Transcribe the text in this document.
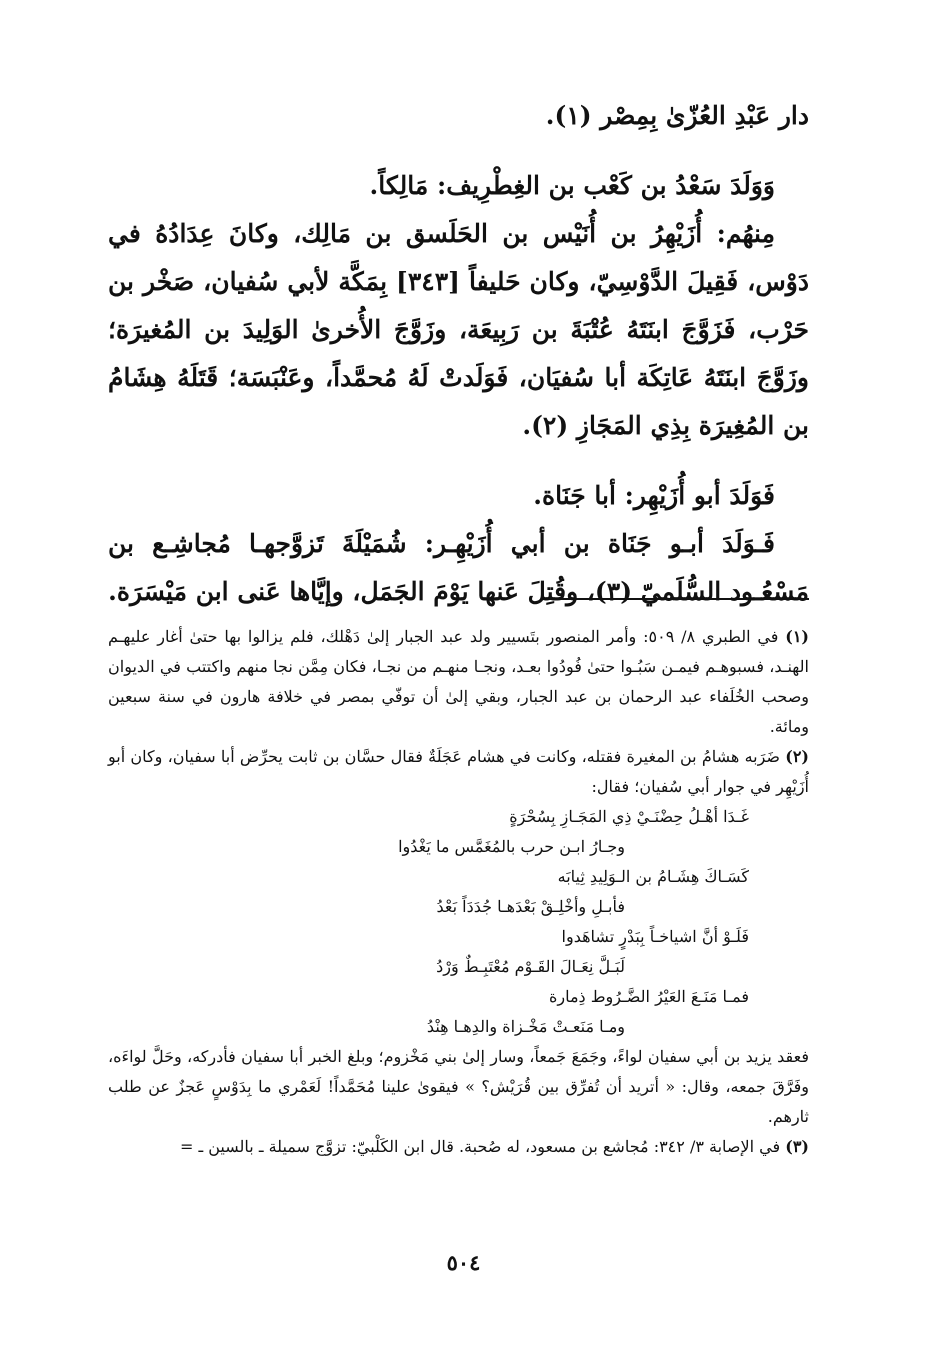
دار عَبْدِ العُزّىٰ بِمِصْر (١).

وَوَلَدَ سَعْدُ بن كَعْب بن الغِطْرِيف: مَالِكاً.

مِنهُم: أُزَيْهِرُ بن أُنَيْس بن الحَلَسق بن مَالِك، وكانَ عِدَادُهُ في دَوْس، فَقِيلَ الدَّوْسِيّ، وكان حَليفاً [٣٤٣] بِمَكَّة لأبي سُفيان، صَخْر بن حَرْب، فَزَوَّجَ ابنَتَهُ عُتْبَةَ بن رَبِيعَة، وزَوَّجَ الأُخرىٰ الوَلِيدَ بن المُغيرَة؛ وزَوَّجَ ابنَتَهُ عَاتِكَة أبا سُفيَان، فَوَلَدتْ لَهُ مُحمَّداً، وعَنْبَسَة؛ قَتَلَهُ هِشَامُ بن المُغِيرَة بِذِي المَجَازِ (٢).

فَوَلَدَ أبو أُزَيْهِر: أبا جَنَاة.

فَـوَلَدَ أبـو جَنَاة بن أبي أُزَيْهِـر: شُمَيْلَةَ تَزوَّجهـا مُجاشِـع بن مَسْعُـود السُّلَميّ (٣)، وقُتِلَ عَنها يَوْمَ الجَمَل، وإيَّاها عَنى ابن مَيْسَرَة.

(١) في الطبري ٨/ ٥٠٩: وأمر المنصور بتَسيير ولد عبد الجبار إلىٰ دَهْلك، فلم يزالوا بها حتىٰ أغار عليهـم الهنـد، فسبوهـم فيمـن سَبُـوا حتىٰ فُودُوا بعـد، ونجـا منهـم من نجـا، فكان مِمَّن نجا منهم واكتتب في الديوان وصحب الخُلَفاء عبد الرحمان بن عبد الجبار، وبقي إلىٰ أن توفّي بمصر في خلافة هارون في سنة سبعين ومائة.

(٢) ضَرَبه هشامُ بن المغيرة فقتله، وكانت في هشام عَجَلَةٌ فقال حسَّان بن ثابت يحرِّض أبا سفيان، وكان أبو أُزَيْهِر في جوار أبي سُفيان؛ فقال:

غَـدَا أهْـلُ حِضْنَـيْ ذِي المَجَـازِ بِسُحْرَةٍ
وجـارُ ابـن حرب بالمُغَمَّس ما يَغْدُوا
كَسَـاكَ هِشَـامُ بن الـوَلِيدِ ثِيابَه
فأبـلِ وأخْلِـقْ بَعْدَهـا جُدَدَاً بَعْدُ
فَلَـوْ أنَّ اشياخـاً بِبَدْرٍ تشاهَدوا
لَبَـلَّ نِعَـالَ القَـوْم مُعْتَبِـطٌ وَرْدُ
فمـا مَنَـعَ العَيْرُ الضَّـرُوط ذِمارة
ومـا مَنَعـتْ مَخْـزاة والدِهـا هِنْدُ

فعقد يزيد بن أبي سفيان لواءً، وجَمَعَ جَمعاً، وسار إلىٰ بني مَخْزوم؛ وبلغ الخبر أبا سفيان فأدركه، وحَلَّ لواءَه، وفَرَّقَ جمعه، وقال: « أتريد أن تُفرِّق بين قُرَيْش؟ » فيقوىٰ علينا مُحَمَّداً! لَعَمْري ما بِدَوْسٍ عَجزٌ عن طلب ثارهم.

(٣) في الإصابة ٣/ ٣٤٢: مُجاشع بن مسعود، له صُحبة. قال ابن الكَلْبيّ: تزوَّج سميلة ـ بالسين ـ =

٥٠٤
